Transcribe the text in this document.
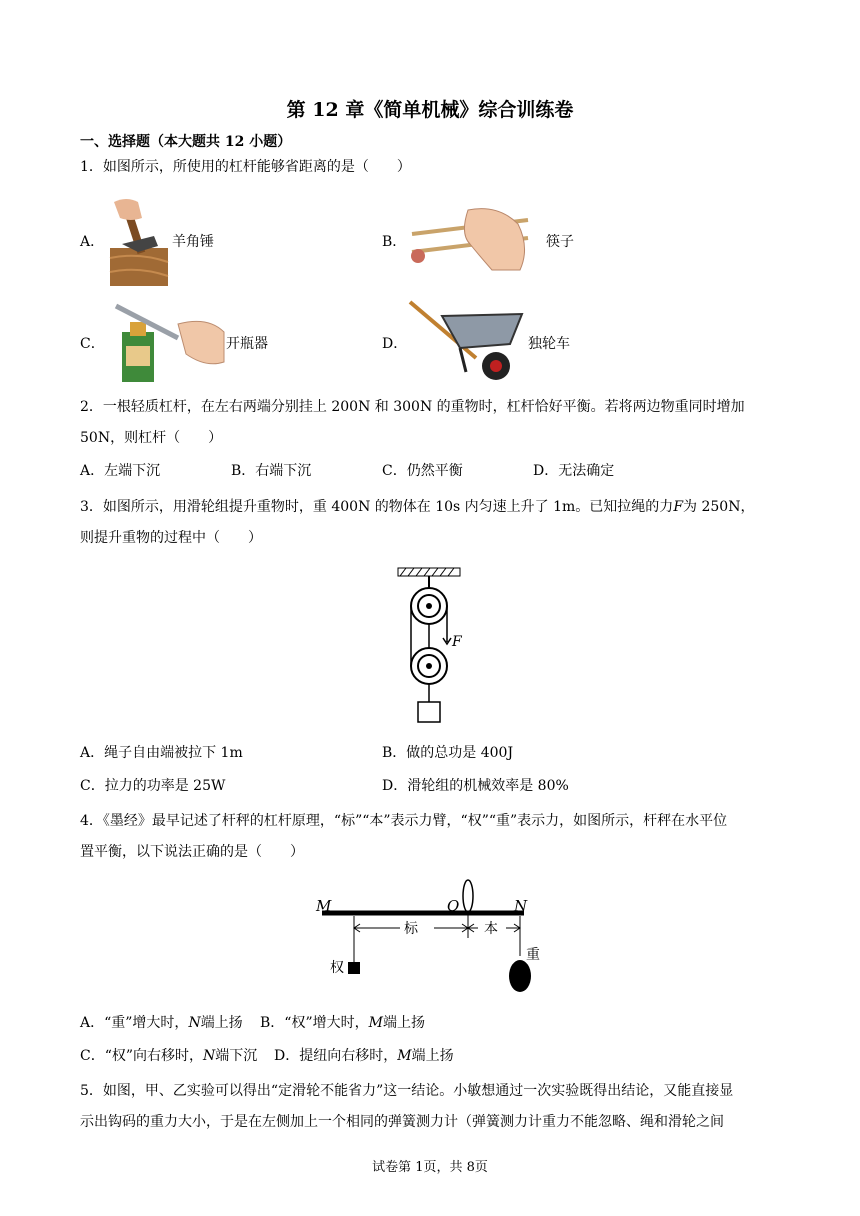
第 12 章《简单机械》综合训练卷
一、选择题（本大题共 12 小题）
1．如图所示，所使用的杠杆能够省距离的是（　　）
A．	羊角锤	B．	筷子
C．	开瓶器	D．	独轮车
2．一根轻质杠杆，在左右两端分别挂上 200N 和 300N 的重物时，杠杆恰好平衡。若将两边物重同时增加
50N，则杠杆（　　）
A．左端下沉	B．右端下沉	C．仍然平衡	D．无法确定
3．如图所示，用滑轮组提升重物时，重 400N 的物体在 10s 内匀速上升了 1m。已知拉绳的力F为 250N，
则提升重物的过程中（　　）
F
A．绳子自由端被拉下 1m	B．做的总功是 400J
C．拉力的功率是 25W	D．滑轮组的机械效率是 80%
4．《墨经》最早记述了杆秤的杠杆原理，“标”“本”表示力臂，“权”“重”表示力，如图所示，杆秤在水平位
置平衡，以下说法正确的是（　　）
M	O	N
标	本
权
重
A．“重”增大时，N端上扬 B．“权”增大时，M端上扬
C．“权”向右移时，N端下沉 D．提纽向右移时，M端上扬
5．如图，甲、乙实验可以得出“定滑轮不能省力”这一结论。小敏想通过一次实验既得出结论，又能直接显
示出钩码的重力大小，于是在左侧加上一个相同的弹簧测力计（弹簧测力计重力不能忽略、绳和滑轮之间
试卷第 1页，共 8页
